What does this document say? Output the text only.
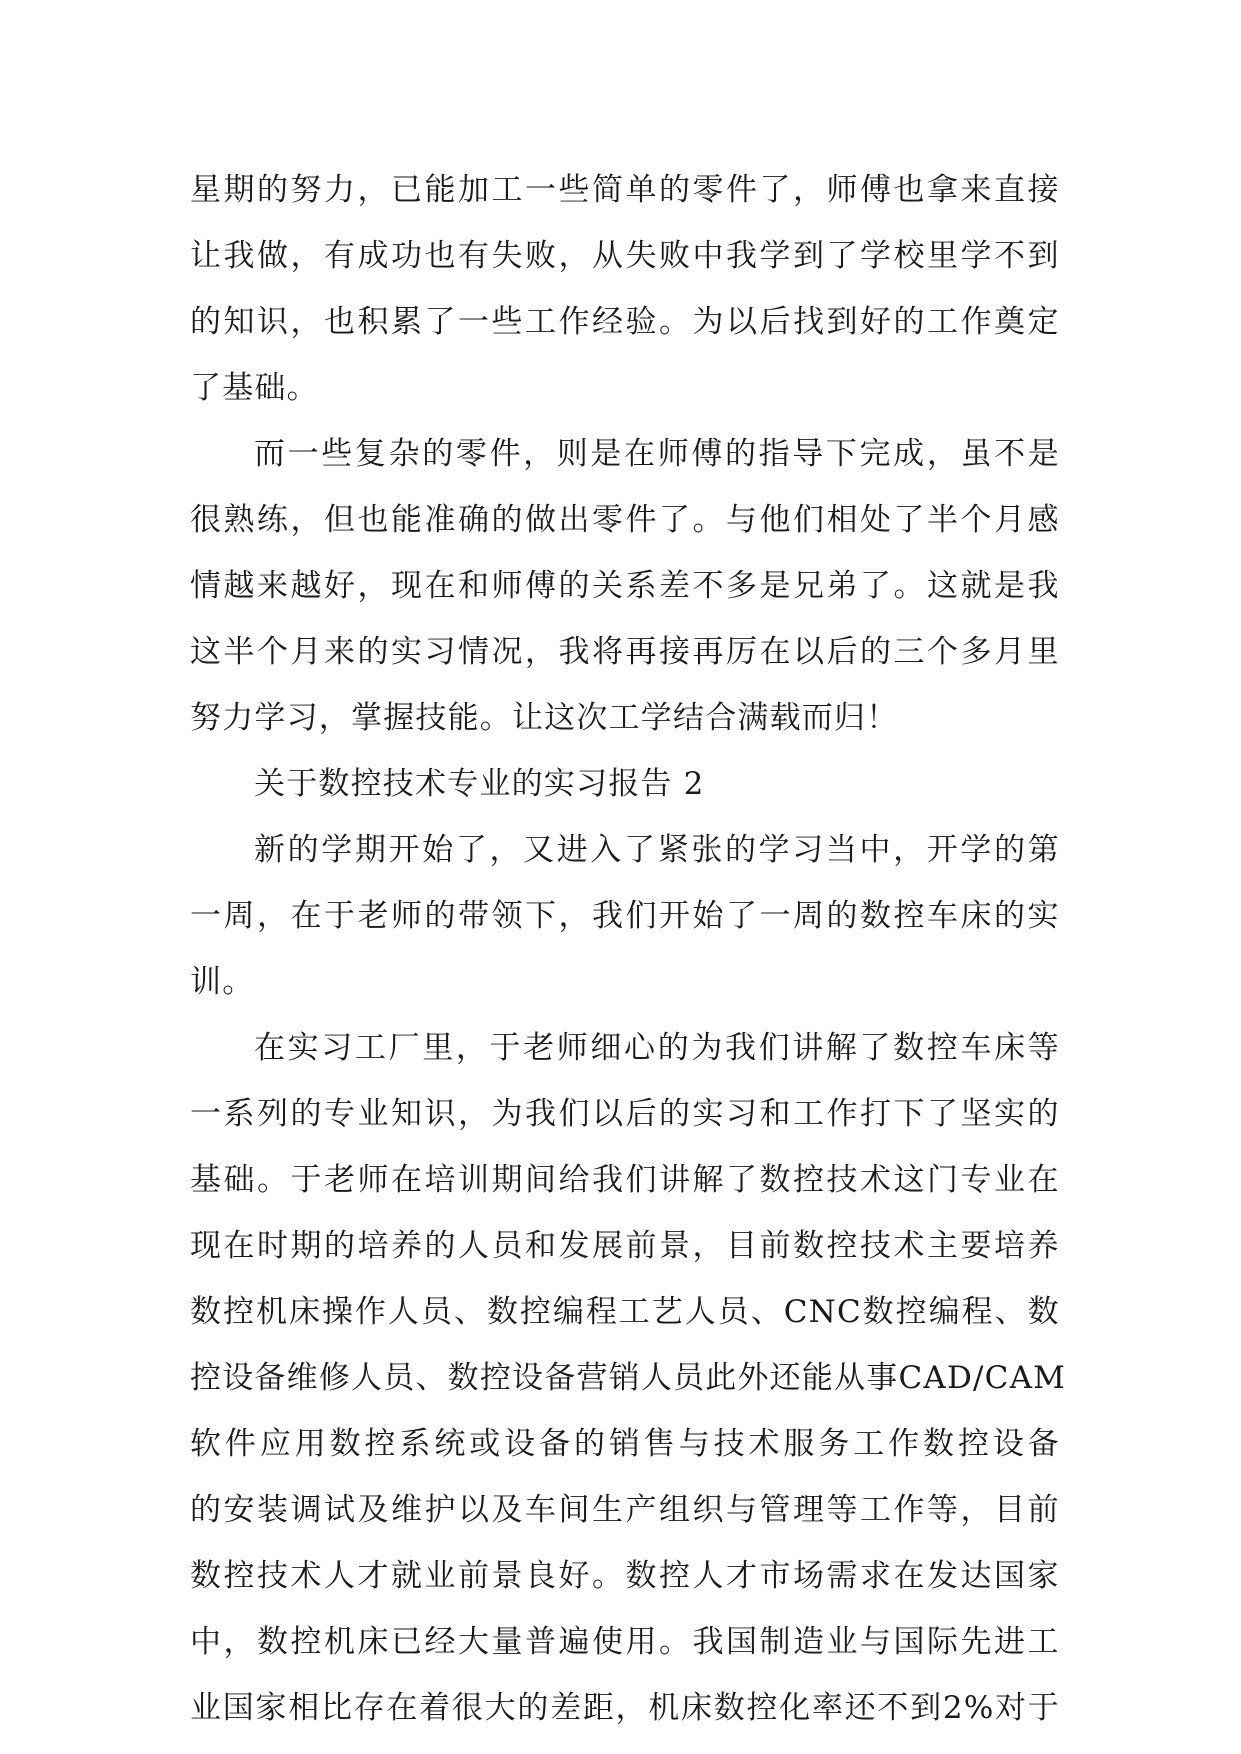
星 期 的 努 力 ， 已 能 加 工 一 些 简 单 的 零 件 了 ， 师 傅 也 拿 来 直 接
让 我 做 ， 有 成 功 也 有 失 败 ， 从 失 败 中 我 学 到 了 学 校 里 学 不 到
的 知 识 ， 也 积 累 了 一 些 工 作 经 验 。 为 以 后 找 到 好 的 工 作 奠 定
了基础。
而 一 些 复 杂 的 零 件 ， 则 是 在 师 傅 的 指 导 下 完 成 ， 虽 不 是
很 熟 练 ， 但 也 能 准 确 的 做 出 零 件 了 。 与 他 们 相 处 了 半 个 月 感
情 越 来 越 好 ， 现 在 和 师 傅 的 关 系 差 不 多 是 兄 弟 了 。 这 就 是 我
这 半 个 月 来 的 实 习 情 况 ， 我 将 再 接 再 厉 在 以 后 的 三 个 多 月 里
努力学习，掌握技能。让这次工学结合满载而归！
关于数控技术专业的实习报告 2
新 的 学 期 开 始 了 ， 又 进 入 了 紧 张 的 学 习 当 中 ， 开 学 的 第
一 周 ， 在 于 老 师 的 带 领 下 ， 我 们 开 始 了 一 周 的 数 控 车 床 的 实
训。
在 实 习 工 厂 里 ， 于 老 师 细 心 的 为 我 们 讲 解 了 数 控 车 床 等
一 系 列 的 专 业 知 识 ， 为 我 们 以 后 的 实 习 和 工 作 打 下 了 坚 实 的
基 础 。 于 老 师 在 培 训 期 间 给 我 们 讲 解 了 数 控 技 术 这 门 专 业 在
现 在 时 期 的 培 养 的 人 员 和 发 展 前 景 ， 目 前 数 控 技 术 主 要 培 养
数 控 机 床 操 作 人 员 、 数 控 编 程 工 艺 人 员 、 CNC 数 控 编 程 、 数
控 设 备 维 修 人 员 、 数 控 设 备 营 销 人 员 此 外 还 能 从 事 CAD/CAM
软 件 应 用 数 控 系 统 或 设 备 的 销 售 与 技 术 服 务 工 作 数 控 设 备
的 安 装 调 试 及 维 护 以 及 车 间 生 产 组 织 与 管 理 等 工 作 等 ， 目 前
数 控 技 术 人 才 就 业 前 景 良 好 。 数 控 人 才 市 场 需 求 在 发 达 国 家
中 ， 数 控 机 床 已 经 大 量 普 遍 使 用 。 我 国 制 造 业 与 国 际 先 进 工
业 国 家 相 比 存 在 着 很 大 的 差 距 ， 机 床 数 控 化 率 还 不 到 2% 对 于
